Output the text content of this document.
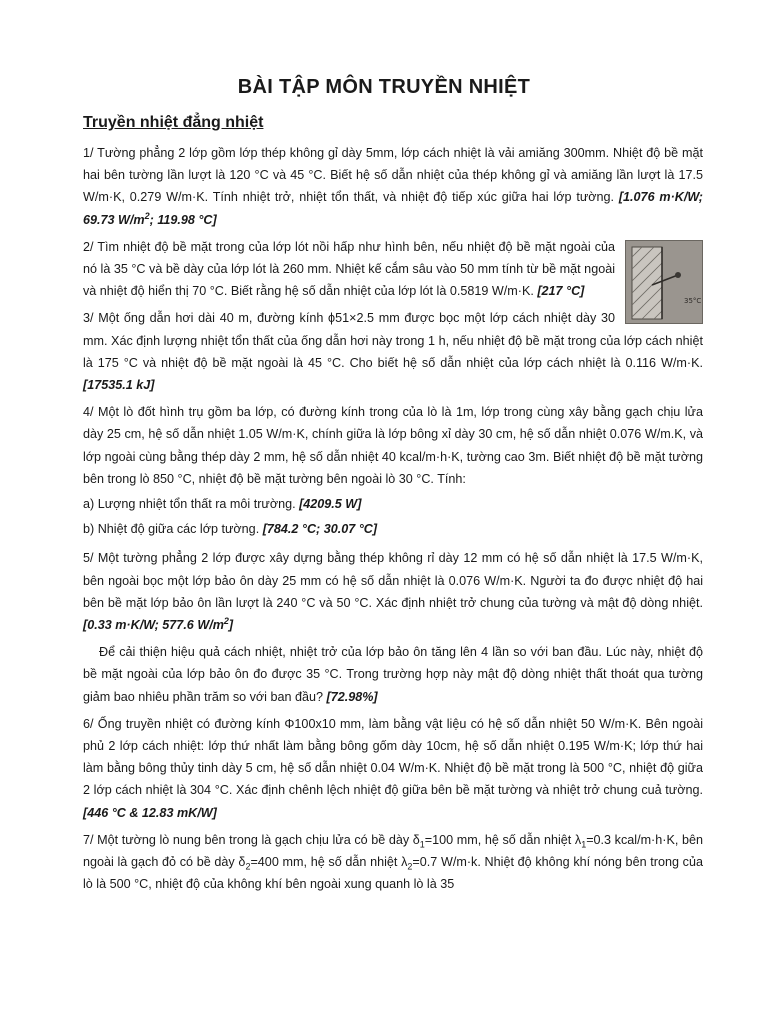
BÀI TẬP MÔN TRUYỀN NHIỆT
Truyền nhiệt đẳng nhiệt

1/ Tường phẳng 2 lớp gồm lớp thép không gỉ dày 5mm, lớp cách nhiệt là vải amiăng 300mm. Nhiệt độ bề mặt hai bên tường lần lượt là 120 °C và 45 °C. Biết hệ số dẫn nhiệt của thép không gỉ và amiăng lần lượt là 17.5 W/m·K, 0.279 W/m·K. Tính nhiệt trở, nhiệt tổn thất, và nhiệt độ tiếp xúc giữa hai lớp tường. [1.076 m·K/W; 69.73 $W/m^2$; 119.98 °C]

35°C
2/ Tìm nhiệt độ bề mặt trong của lớp lót nồi hấp như hình bên, nếu nhiệt độ bề mặt ngoài của nó là 35 °C và bề dày của lớp lót là 260 mm. Nhiệt kế cắm sâu vào 50 mm tính từ bề mặt ngoài và nhiệt độ hiển thị 70 °C. Biết rằng hệ số dẫn nhiệt của lớp lót là 0.5819 W/m·K. [217 °C]

3/ Một ống dẫn hơi dài 40 m, đường kính ϕ51×2.5 mm được bọc một lớp cách nhiệt dày 30 mm. Xác định lượng nhiệt tổn thất của ống dẫn hơi này trong 1 h, nếu nhiệt độ bề mặt trong của lớp cách nhiệt là 175 °C và nhiệt độ bề mặt ngoài là 45 °C. Cho biết hệ số dẫn nhiệt của lớp cách nhiệt là 0.116 W/m·K. [17535.1 kJ]

4/ Một lò đốt hình trụ gồm ba lớp, có đường kính trong của lò là 1m, lớp trong cùng xây bằng gạch chịu lửa dày 25 cm, hệ số dẫn nhiệt 1.05 W/m·K, chính giữa là lớp bông xỉ dày 30 cm, hệ số dẫn nhiệt 0.076 W/m.K, và lớp ngoài cùng bằng thép dày 2 mm, hệ số dẫn nhiệt 40 kcal/m·h·K, tường cao 3m. Biết nhiệt độ bề mặt tường bên trong lò 850 °C, nhiệt độ bề mặt tường bên ngoài lò 30 °C. Tính:

a) Lượng nhiệt tổn thất ra môi trường. [4209.5 W]

b) Nhiệt độ giữa các lớp tường. [784.2 °C; 30.07 °C]

5/ Một tường phẳng 2 lớp được xây dựng bằng thép không rỉ dày 12 mm có hệ số dẫn nhiệt là 17.5 W/m·K, bên ngoài bọc một lớp bảo ôn dày 25 mm có hệ số dẫn nhiệt là 0.076 W/m·K. Người ta đo được nhiệt độ hai bên bề mặt lớp bảo ôn lần lượt là 240 °C và 50 °C. Xác định nhiệt trở chung của tường và mật độ dòng nhiệt. [0.33 m·K/W; 577.6 $W/m^2$]

Để cải thiện hiệu quả cách nhiệt, nhiệt trở của lớp bảo ôn tăng lên 4 lần so với ban đầu. Lúc này, nhiệt độ bề mặt ngoài của lớp bảo ôn đo được 35 °C. Trong trường hợp này mật độ dòng nhiệt thất thoát qua tường giảm bao nhiêu phần trăm so với ban đầu? [72.98%]

6/ Ống truyền nhiệt có đường kính Φ100x10 mm, làm bằng vật liệu có hệ số dẫn nhiệt 50 W/m·K. Bên ngoài phủ 2 lớp cách nhiệt: lớp thứ nhất làm bằng bông gốm dày 10cm, hệ số dẫn nhiệt 0.195 W/m·K; lớp thứ hai làm bằng bông thủy tinh dày 5 cm, hệ số dẫn nhiệt 0.04 W/m·K. Nhiệt độ bề mặt trong là 500 °C, nhiệt độ giữa 2 lớp cách nhiệt là 304 °C. Xác định chênh lệch nhiệt độ giữa bên bề mặt tường và nhiệt trở chung cuả tường. [446 °C & 12.83 mK/W]

7/ Một tường lò nung bên trong là gạch chịu lửa có bề dày $\delta_1=100$ mm, hệ số dẫn nhiệt $\lambda_1=0.3$ kcal/m·h·K, bên ngoài là gạch đỏ có bề dày $\delta_2=400$ mm, hệ số dẫn nhiệt $\lambda_2=0.7$ W/m·k. Nhiệt độ không khí nóng bên trong của lò là 500 °C, nhiệt độ của không khí bên ngoài xung quanh lò là 35
